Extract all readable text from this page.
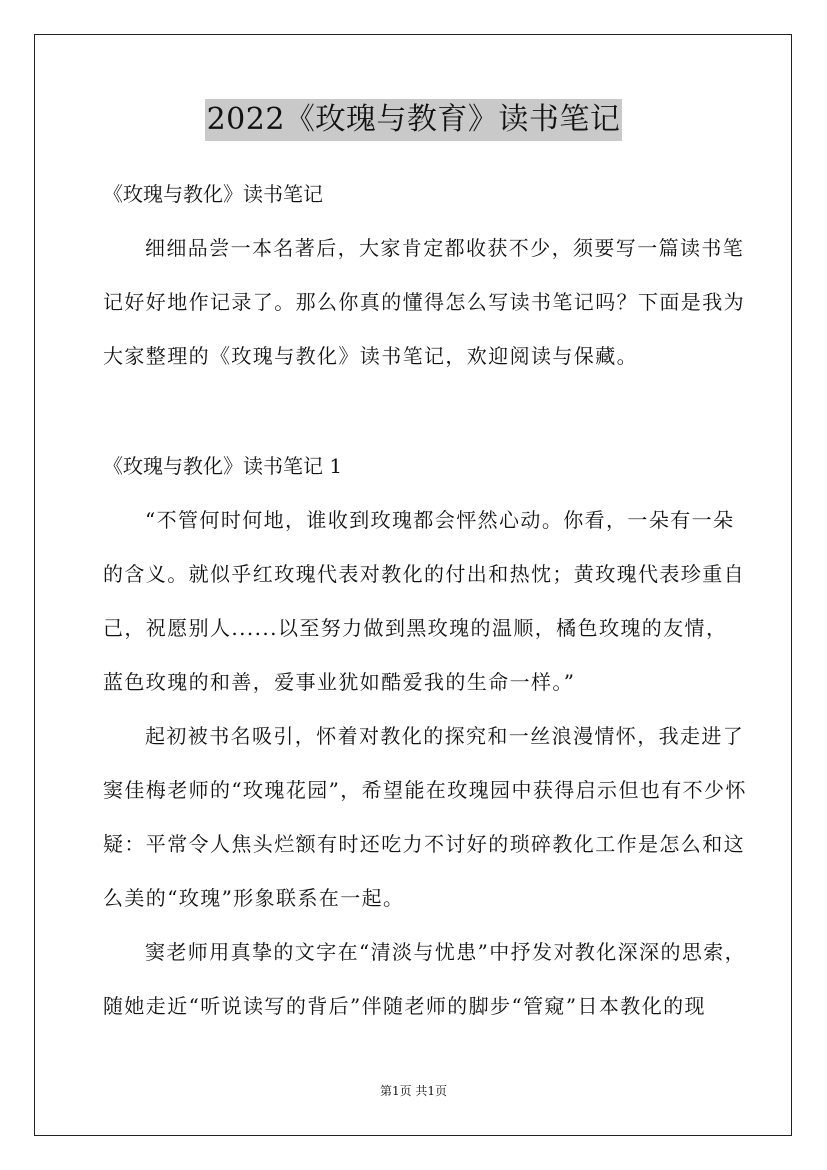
2022《玫瑰与教育》读书笔记
《玫瑰与教化》读书笔记
细细品尝一本名著后，大家肯定都收获不少，须要写一篇读书笔
记好好地作记录了。那么你真的懂得怎么写读书笔记吗？下面是我为
大家整理的《玫瑰与教化》读书笔记，欢迎阅读与保藏。
《玫瑰与教化》读书笔记 1
“不管何时何地，谁收到玫瑰都会怦然心动。你看，一朵有一朵
的含义。就似乎红玫瑰代表对教化的付出和热忱；黄玫瑰代表珍重自
己，祝愿别人......以至努力做到黑玫瑰的温顺，橘色玫瑰的友情，
蓝色玫瑰的和善，爱事业犹如酷爱我的生命一样。”
起初被书名吸引，怀着对教化的探究和一丝浪漫情怀，我走进了
窦佳梅老师的“玫瑰花园”，希望能在玫瑰园中获得启示但也有不少怀
疑：平常令人焦头烂额有时还吃力不讨好的琐碎教化工作是怎么和这
么美的“玫瑰”形象联系在一起。
窦老师用真挚的文字在“清淡与忧患”中抒发对教化深深的思索，
随她走近“听说读写的背后”伴随老师的脚步“管窥”日本教化的现
第1页 共1页
